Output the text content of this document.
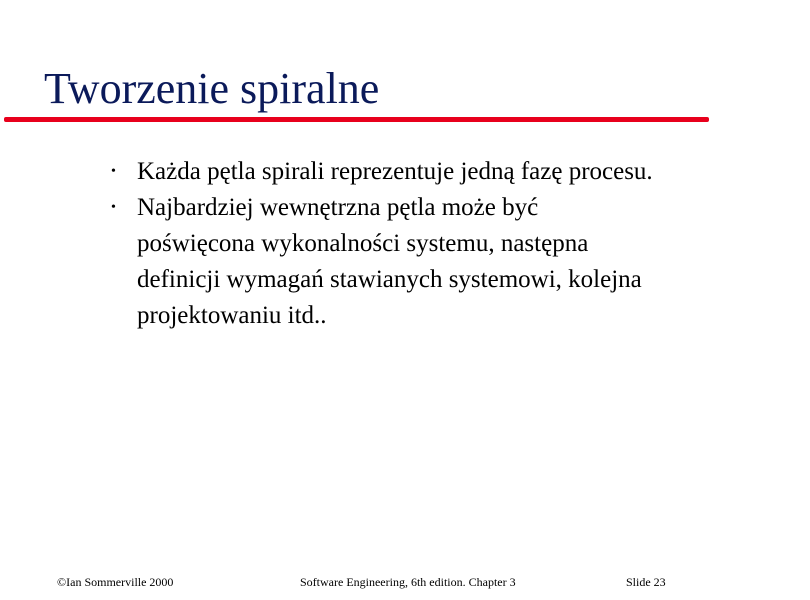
Tworzenie spiralne
• Każda pętla spirali reprezentuje jedną fazę procesu.
• Najbardziej wewnętrzna pętla może być
poświęcona wykonalności systemu, następna
definicji wymagań stawianych systemowi, kolejna
projektowaniu itd..
©Ian Sommerville 2000	Software Engineering, 6th edition. Chapter 3	Slide 23
